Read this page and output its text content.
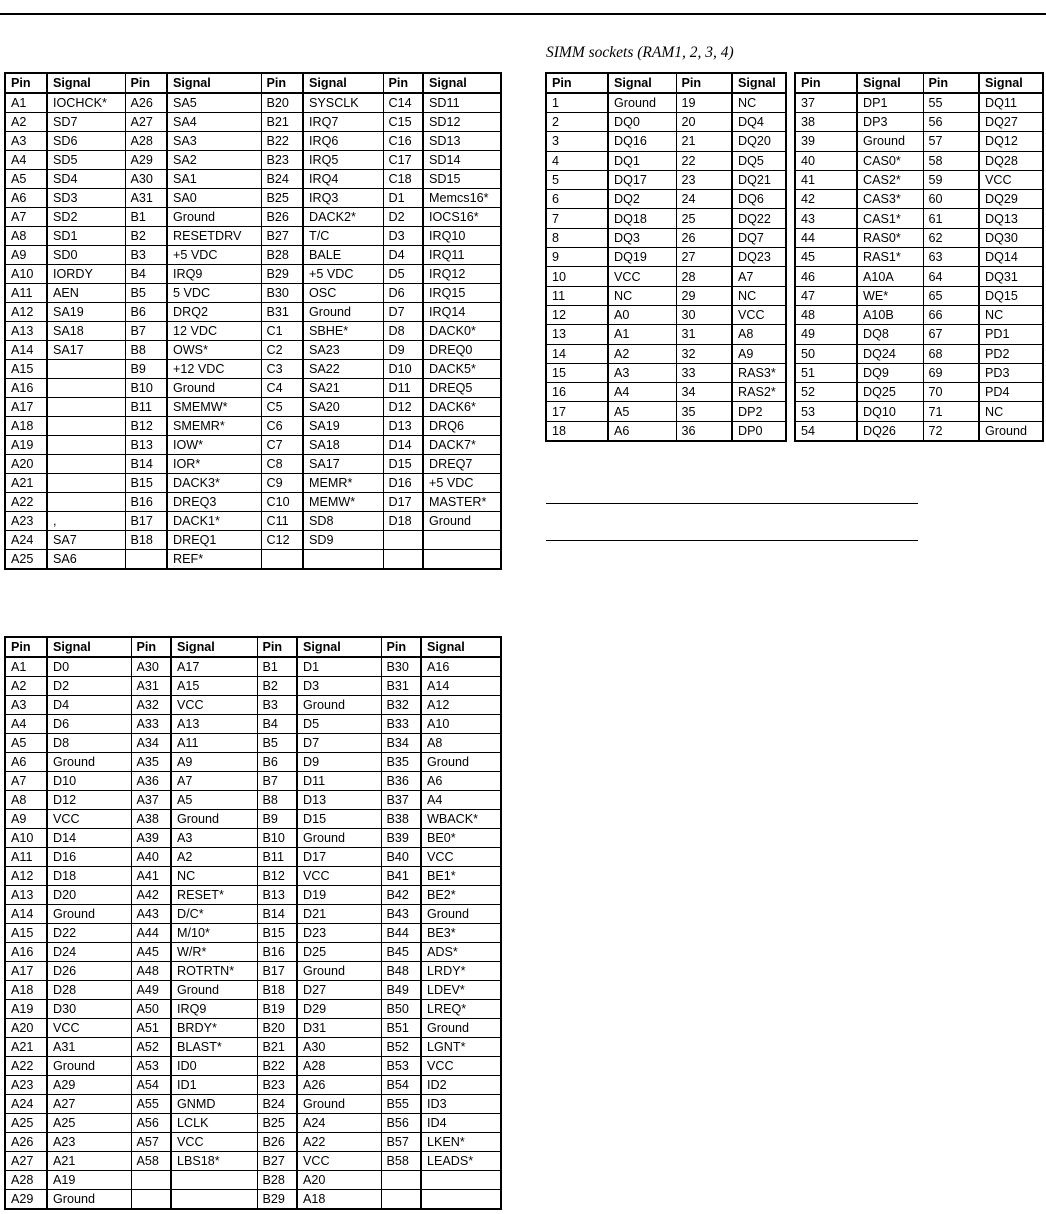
Pin	Signal	Pin	Signal	Pin	Signal	Pin	Signal
A1	IOCHCK*	A26	SA5	B20	SYSCLK	C14	SD11
A2	SD7	A27	SA4	B21	IRQ7	C15	SD12
A3	SD6	A28	SA3	B22	IRQ6	C16	SD13
A4	SD5	A29	SA2	B23	IRQ5	C17	SD14
A5	SD4	A30	SA1	B24	IRQ4	C18	SD15
A6	SD3	A31	SA0	B25	IRQ3	D1	Memcs16*
A7	SD2	B1	Ground	B26	DACK2*	D2	IOCS16*
A8	SD1	B2	RESETDRV	B27	T/C	D3	IRQ10
A9	SD0	B3	+5 VDC	B28	BALE	D4	IRQ11
A10	IORDY	B4	IRQ9	B29	+5 VDC	D5	IRQ12
A11	AEN	B5	5 VDC	B30	OSC	D6	IRQ15
A12	SA19	B6	DRQ2	B31	Ground	D7	IRQ14
A13	SA18	B7	12 VDC	C1	SBHE*	D8	DACK0*
A14	SA17	B8	OWS*	C2	SA23	D9	DREQ0
A15		B9	+12 VDC	C3	SA22	D10	DACK5*
A16		B10	Ground	C4	SA21	D11	DREQ5
A17		B11	SMEMW*	C5	SA20	D12	DACK6*
A18		B12	SMEMR*	C6	SA19	D13	DRQ6
A19		B13	IOW*	C7	SA18	D14	DACK7*
A20		B14	IOR*	C8	SA17	D15	DREQ7
A21		B15	DACK3*	C9	MEMR*	D16	+5 VDC
A22		B16	DREQ3	C10	MEMW*	D17	MASTER*
A23	,	B17	DACK1*	C11	SD8	D18	Ground
A24	SA7	B18	DREQ1	C12	SD9		
A25	SA6		REF*				
SIMM sockets (RAM1, 2, 3, 4)
Pin	Signal	Pin	Signal
1	Ground	19	NC
2	DQ0	20	DQ4
3	DQ16	21	DQ20
4	DQ1	22	DQ5
5	DQ17	23	DQ21
6	DQ2	24	DQ6
7	DQ18	25	DQ22
8	DQ3	26	DQ7
9	DQ19	27	DQ23
10	VCC	28	A7
11	NC	29	NC
12	A0	30	VCC
13	A1	31	A8
14	A2	32	A9
15	A3	33	RAS3*
16	A4	34	RAS2*
17	A5	35	DP2
18	A6	36	DP0
Pin	Signal	Pin	Signal
37	DP1	55	DQ11
38	DP3	56	DQ27
39	Ground	57	DQ12
40	CAS0*	58	DQ28
41	CAS2*	59	VCC
42	CAS3*	60	DQ29
43	CAS1*	61	DQ13
44	RAS0*	62	DQ30
45	RAS1*	63	DQ14
46	A10A	64	DQ31
47	WE*	65	DQ15
48	A10B	66	NC
49	DQ8	67	PD1
50	DQ24	68	PD2
51	DQ9	69	PD3
52	DQ25	70	PD4
53	DQ10	71	NC
54	DQ26	72	Ground
Pin	Signal	Pin	Signal	Pin	Signal	Pin	Signal
A1	D0	A30	A17	B1	D1	B30	A16
A2	D2	A31	A15	B2	D3	B31	A14
A3	D4	A32	VCC	B3	Ground	B32	A12
A4	D6	A33	A13	B4	D5	B33	A10
A5	D8	A34	A11	B5	D7	B34	A8
A6	Ground	A35	A9	B6	D9	B35	Ground
A7	D10	A36	A7	B7	D11	B36	A6
A8	D12	A37	A5	B8	D13	B37	A4
A9	VCC	A38	Ground	B9	D15	B38	WBACK*
A10	D14	A39	A3	B10	Ground	B39	BE0*
A11	D16	A40	A2	B11	D17	B40	VCC
A12	D18	A41	NC	B12	VCC	B41	BE1*
A13	D20	A42	RESET*	B13	D19	B42	BE2*
A14	Ground	A43	D/C*	B14	D21	B43	Ground
A15	D22	A44	M/10*	B15	D23	B44	BE3*
A16	D24	A45	W/R*	B16	D25	B45	ADS*
A17	D26	A48	ROTRTN*	B17	Ground	B48	LRDY*
A18	D28	A49	Ground	B18	D27	B49	LDEV*
A19	D30	A50	IRQ9	B19	D29	B50	LREQ*
A20	VCC	A51	BRDY*	B20	D31	B51	Ground
A21	A31	A52	BLAST*	B21	A30	B52	LGNT*
A22	Ground	A53	ID0	B22	A28	B53	VCC
A23	A29	A54	ID1	B23	A26	B54	ID2
A24	A27	A55	GNMD	B24	Ground	B55	ID3
A25	A25	A56	LCLK	B25	A24	B56	ID4
A26	A23	A57	VCC	B26	A22	B57	LKEN*
A27	A21	A58	LBS18*	B27	VCC	B58	LEADS*
A28	A19			B28	A20		
A29	Ground			B29	A18		
